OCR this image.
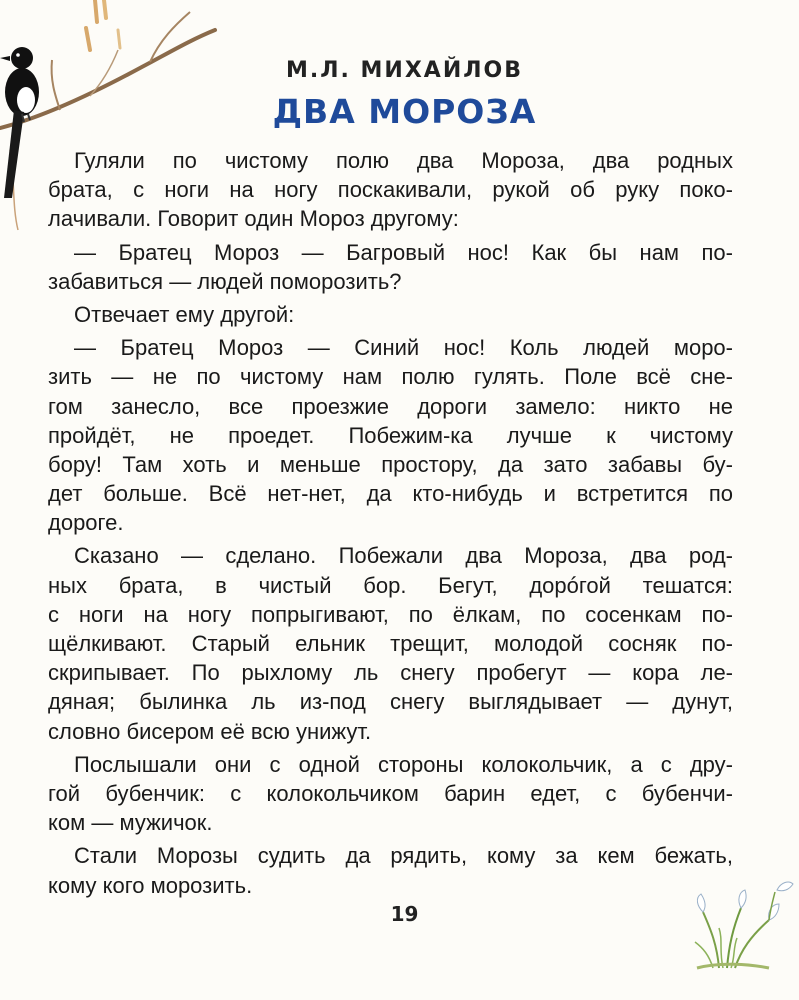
М.Л. МИХАЙЛОВ
ДВА МОРОЗА
Гуляли по чистому полю два Мороза, два родных
брата, с ноги на ногу поскакивали, рукой об руку поко-
лачивали. Говорит один Мороз другому:
— Братец Мороз — Багровый нос! Как бы нам по-
забавиться — людей поморозить?
Отвечает ему другой:
— Братец Мороз — Синий нос! Коль людей моро-
зить — не по чистому нам полю гулять. Поле всё сне-
гом занесло, все проезжие дороги замело: никто не
пройдёт, не проедет. Побежим-ка лучше к чистому
бору! Там хоть и меньше простору, да зато забавы бу-
дет больше. Всё нет-нет, да кто-нибудь и встретится по
дороге.
Сказано — сделано. Побежали два Мороза, два род-
ных брата, в чистый бор. Бегут, дорóгой тешатся:
с ноги на ногу попрыгивают, по ёлкам, по сосенкам по-
щёлкивают. Старый ельник трещит, молодой сосняк по-
скрипывает. По рыхлому ль снегу пробегут — кора ле-
дяная; былинка ль из-под снегу выглядывает — дунут,
словно бисером её всю унижут.
Послышали они с одной стороны колокольчик, а с дру-
гой бубенчик: с колокольчиком барин едет, с бубенчи-
ком — мужичок.
Стали Морозы судить да рядить, кому за кем бежать,
кому кого морозить.
19
